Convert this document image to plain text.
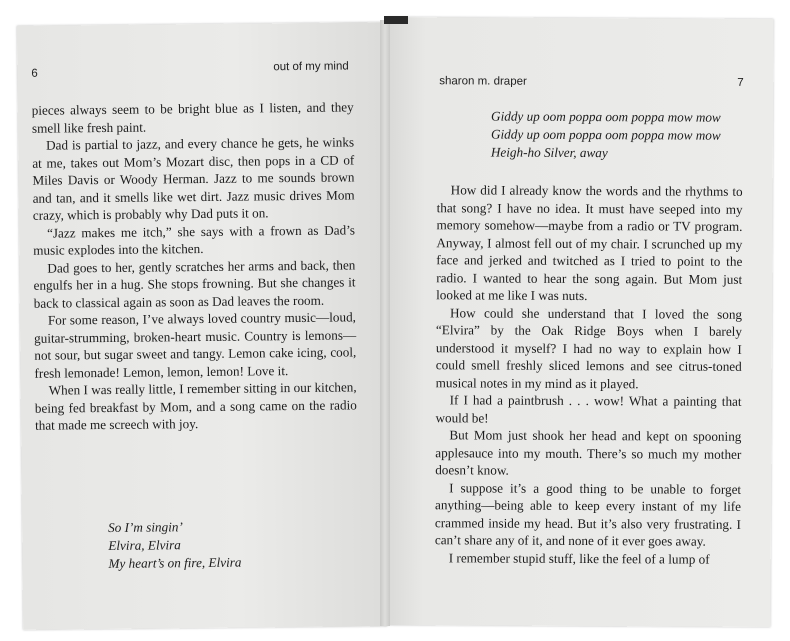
6
out of my mind

pieces always seem to be bright blue as I listen, and they smell like fresh paint.

Dad is partial to jazz, and every chance he gets, he winks at me, takes out Mom’s Mozart disc, then pops in a CD of Miles Davis or Woody Herman. Jazz to me sounds brown and tan, and it smells like wet dirt. Jazz music drives Mom crazy, which is probably why Dad puts it on.

“Jazz makes me itch,” she says with a frown as Dad’s music explodes into the kitchen.

Dad goes to her, gently scratches her arms and back, then engulfs her in a hug. She stops frowning. But she changes it back to classical again as soon as Dad leaves the room.

For some reason, I’ve always loved country music—loud, guitar-strumming, broken-heart music. Country is lemons—not sour, but sugar sweet and tangy. Lemon cake icing, cool, fresh lemonade! Lemon, lemon, lemon! Love it.

When I was really little, I remember sitting in our kitchen, being fed breakfast by Mom, and a song came on the radio that made me screech with joy.

So I’m singin’
Elvira, Elvira
My heart’s on fire, Elvira
sharon m. draper	7
Giddy up oom poppa oom poppa mow mow
Giddy up oom poppa oom poppa mow mow
Heigh-ho Silver, away

How did I already know the words and the rhythms to that song? I have no idea. It must have seeped into my memory somehow—maybe from a radio or TV program. Anyway, I almost fell out of my chair. I scrunched up my face and jerked and twitched as I tried to point to the radio. I wanted to hear the song again. But Mom just looked at me like I was nuts.

How could she understand that I loved the song “Elvira” by the Oak Ridge Boys when I barely understood it myself? I had no way to explain how I could smell freshly sliced lemons and see citrus-toned musical notes in my mind as it played.

If I had a paintbrush . . . wow! What a painting that would be!

But Mom just shook her head and kept on spooning applesauce into my mouth. There’s so much my mother doesn’t know.

I suppose it’s a good thing to be unable to forget anything—being able to keep every instant of my life crammed inside my head. But it’s also very frustrating. I can’t share any of it, and none of it ever goes away.

I remember stupid stuff, like the feel of a lump of
